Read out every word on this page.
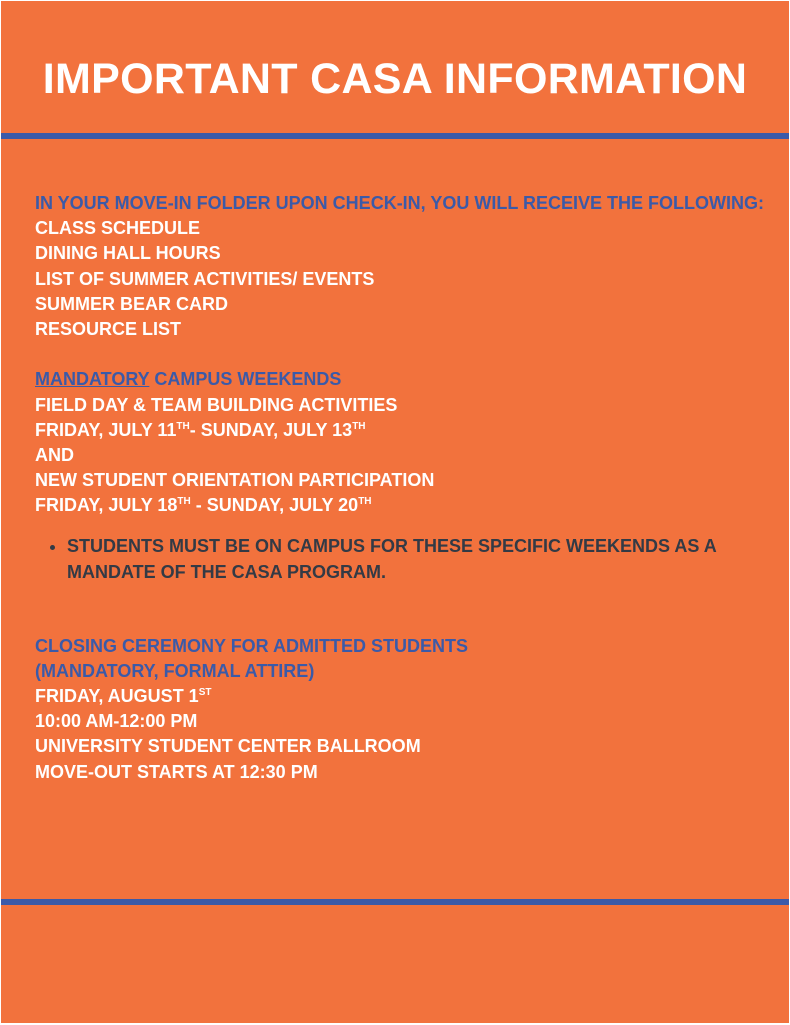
IMPORTANT CASA INFORMATION
IN YOUR MOVE-IN FOLDER UPON CHECK-IN, YOU WILL RECEIVE THE FOLLOWING:
CLASS SCHEDULE
DINING HALL HOURS
LIST OF SUMMER ACTIVITIES/ EVENTS
SUMMER BEAR CARD
RESOURCE LIST
MANDATORY CAMPUS WEEKENDS
FIELD DAY & TEAM BUILDING ACTIVITIES
FRIDAY, JULY 11TH- SUNDAY, JULY 13TH
AND
NEW STUDENT ORIENTATION PARTICIPATION
FRIDAY, JULY 18TH - SUNDAY, JULY 20TH
• STUDENTS MUST BE ON CAMPUS FOR THESE SPECIFIC WEEKENDS AS A MANDATE OF THE CASA PROGRAM.
CLOSING CEREMONY FOR ADMITTED STUDENTS
(MANDATORY, FORMAL ATTIRE)
FRIDAY, AUGUST 1ST
10:00 AM-12:00 PM
UNIVERSITY STUDENT CENTER BALLROOM
MOVE-OUT STARTS AT 12:30 PM
